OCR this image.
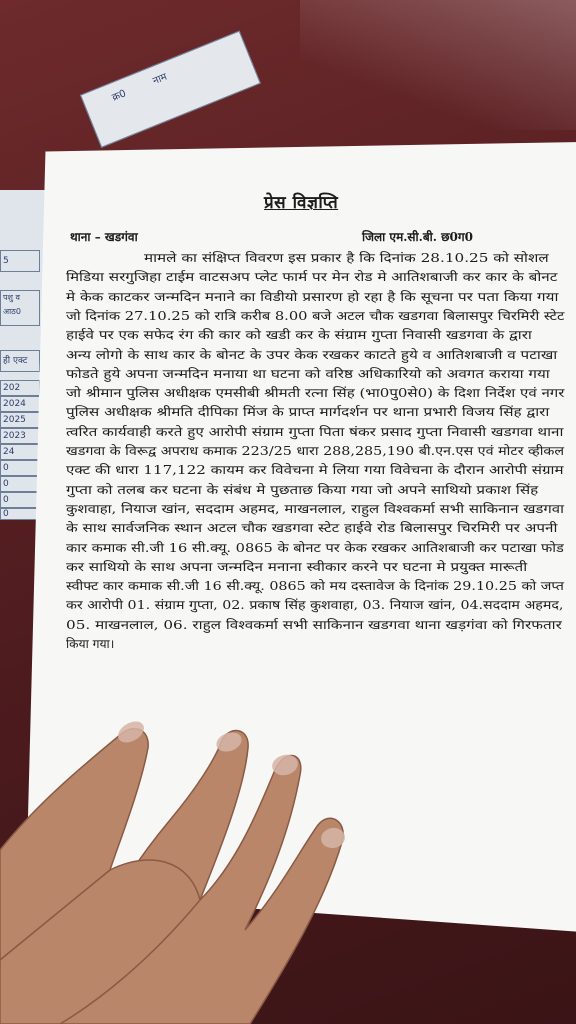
5
पशु व आठ0
ही एक्ट
202
2024
2025
2023
24
0
0
0
0
क्र0
नाम
प्रेस विज्ञप्ति
थाना – खडगंवा	जिला एम.सी.बी. छ0ग0
मामले का संक्षिप्त विवरण इस प्रकार है कि दिनांक 28.10.25 को सोशल
मिडिया सरगुजिहा टाईम वाटसअप प्लेट फार्म पर मेन रोड मे आतिशबाजी कर कार के बोनट
मे केक काटकर जन्मदिन मनाने का विडीयो प्रसारण हो रहा है कि सूचना पर पता किया गया
जो दिनांक 27.10.25 को रात्रि करीब 8.00 बजे अटल चौक खडगवा बिलासपुर चिरमिरी स्टेट
हाईवे पर एक सफेद रंग की कार को खडी कर के संग्राम गुप्ता निवासी खडगवा के द्वारा
अन्य लोगो के साथ कार के बोनट के उपर केक रखकर काटते हुये व आतिशबाजी व पटाखा
फोडते हुये अपना जन्मदिन मनाया था घटना को वरिष्ठ अधिकारियो को अवगत कराया गया
जो श्रीमान पुलिस अधीक्षक एमसीबी श्रीमती रत्ना सिंह (भा0पु0से0) के दिशा निर्देश एवं नगर
पुलिस अधीक्षक श्रीमति दीपिका मिंज के प्राप्त मार्गदर्शन पर थाना प्रभारी विजय सिंह द्वारा
त्वरित कार्यवाही करते हुए आरोपी संग्राम गुप्ता पिता षंकर प्रसाद गुप्ता निवासी खडगवा थाना
खडगवा के विरूद्व अपराध कमाक 223/25 धारा 288,285,190 बी.एन.एस एवं मोटर व्हीकल
एक्ट की धारा 117,122 कायम कर विवेचना मे लिया गया विवेचना के दौरान आरोपी संग्राम
गुप्ता को तलब कर घटना के संबंध मे पुछताछ किया गया जो अपने साथियो प्रकाश सिंह
कुशवाहा, नियाज खांन, सददाम अहमद, माखनलाल, राहुल विश्वकर्मा सभी साकिनान खडगवा
के साथ सार्वजनिक स्थान अटल चौक खडगवा स्टेट हाईवे रोड बिलासपुर चिरमिरी पर अपनी
कार कमाक सी.जी 16 सी.क्यू. 0865 के बोनट पर केक रखकर आतिशबाजी कर पटाखा फोड
कर साथियो के साथ अपना जन्मदिन मनाना स्वीकार करने पर घटना मे प्रयुक्त मारूती
स्वीफ्ट कार कमाक सी.जी 16 सी.क्यू. 0865 को मय दस्तावेज के दिनांक 29.10.25 को जप्त
कर आरोपी 01. संग्राम गुप्ता, 02. प्रकाष सिंह कुशवाहा, 03. नियाज खांन, 04.सददाम अहमद,
05. माखनलाल, 06. राहुल विश्वकर्मा सभी साकिनान खडगवा थाना खड़गंवा को गिरफतार
किया गया।
